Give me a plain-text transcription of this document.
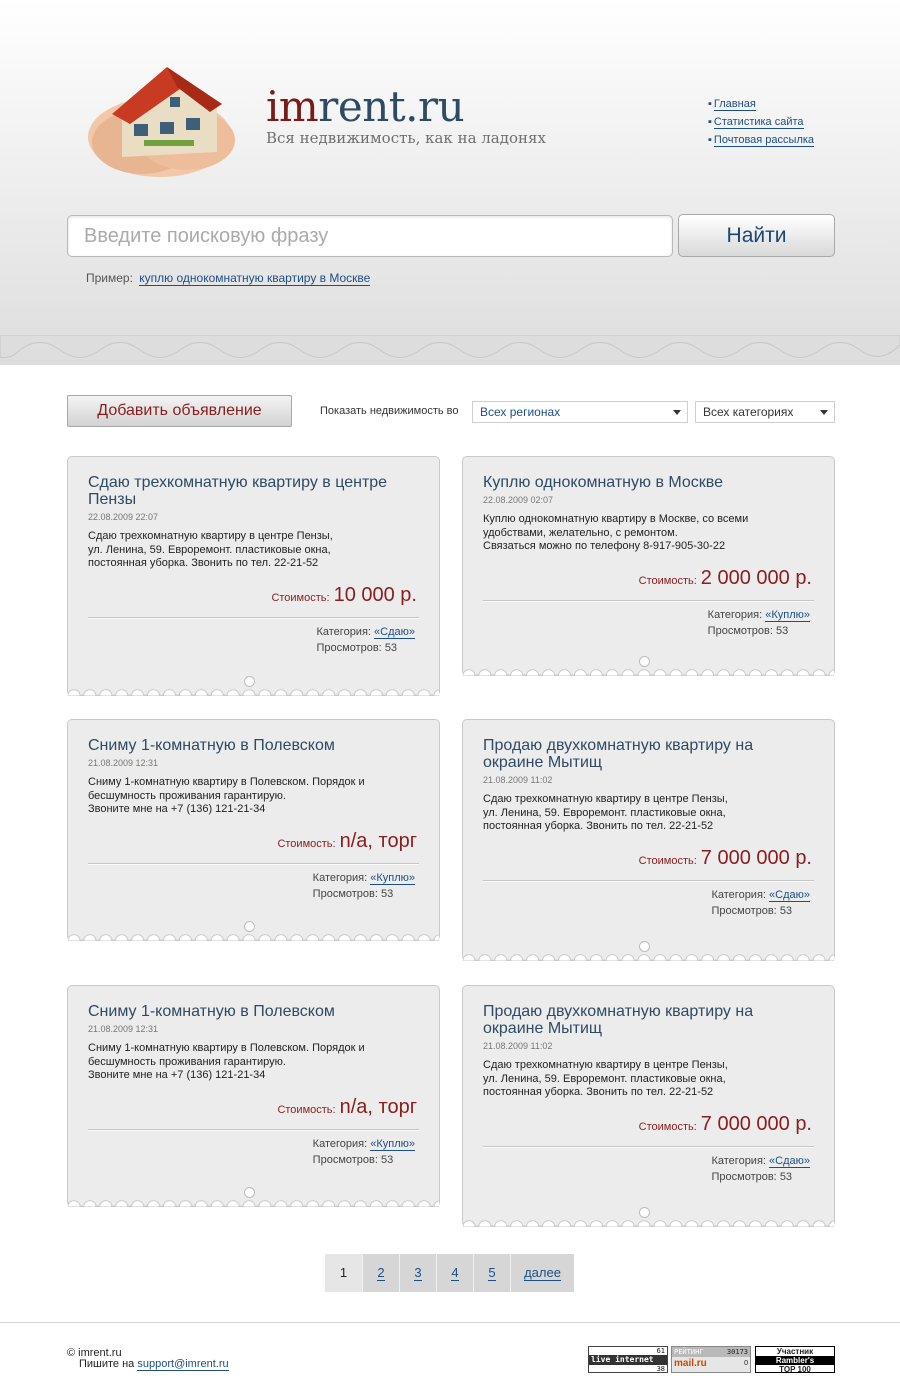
imrent.ru
Вся недвижимость, как на ладонях
▪ Главная
▪ Статистика сайта
▪ Почтовая рассылка
Введите поисковую фразу	Найти
Пример: куплю однокомнатную квартиру в Москве
Добавить объявление	Показать недвижимость во	Всех регионах	Всех категориях
Сдаю трехкомнатную квартиру в центре Пензы
22.08.2009 22:07
Сдаю трехкомнатную квартиру в центре Пензы,
ул. Ленина, 59. Евроремонт. пластиковые окна,
постоянная уборка. Звонить по тел. 22-21-52
Стоимость: 10 000 р.
Категория: «Сдаю»
Просмотров: 53
Куплю однокомнатную в Москве
22.08.2009 02:07
Куплю однокомнатную квартиру в Москве, со всеми
удобствами, желательно, с ремонтом.
Связаться можно по телефону 8-917-905-30-22
Стоимость: 2 000 000 р.
Категория: «Куплю»
Просмотров: 53
Сниму 1-комнатную в Полевском
21.08.2009 12:31
Сниму 1-комнатную квартиру в Полевском. Порядок и
бесшумность проживания гарантирую.
Звоните мне на +7 (136) 121-21-34
Стоимость: n/a, торг
Категория: «Куплю»
Просмотров: 53
Продаю двухкомнатную квартиру на окраине Мытищ
21.08.2009 11:02
Сдаю трехкомнатную квартиру в центре Пензы,
ул. Ленина, 59. Евроремонт. пластиковые окна,
постоянная уборка. Звонить по тел. 22-21-52
Стоимость: 7 000 000 р.
Категория: «Сдаю»
Просмотров: 53
Сниму 1-комнатную в Полевском
21.08.2009 12:31
Сниму 1-комнатную квартиру в Полевском. Порядок и
бесшумность проживания гарантирую.
Звоните мне на +7 (136) 121-21-34
Стоимость: n/a, торг
Категория: «Куплю»
Просмотров: 53
Продаю двухкомнатную квартиру на окраине Мытищ
21.08.2009 11:02
Сдаю трехкомнатную квартиру в центре Пензы,
ул. Ленина, 59. Евроремонт. пластиковые окна,
постоянная уборка. Звонить по тел. 22-21-52
Стоимость: 7 000 000 р.
Категория: «Сдаю»
Просмотров: 53
1	2	3	4	5	далее
© imrent.ru
Пишите на support@imrent.ru
61
live internet
38
РЕЙТИНГ	30173
mail.ru	0
Участник
Rambler's
TOP 100
